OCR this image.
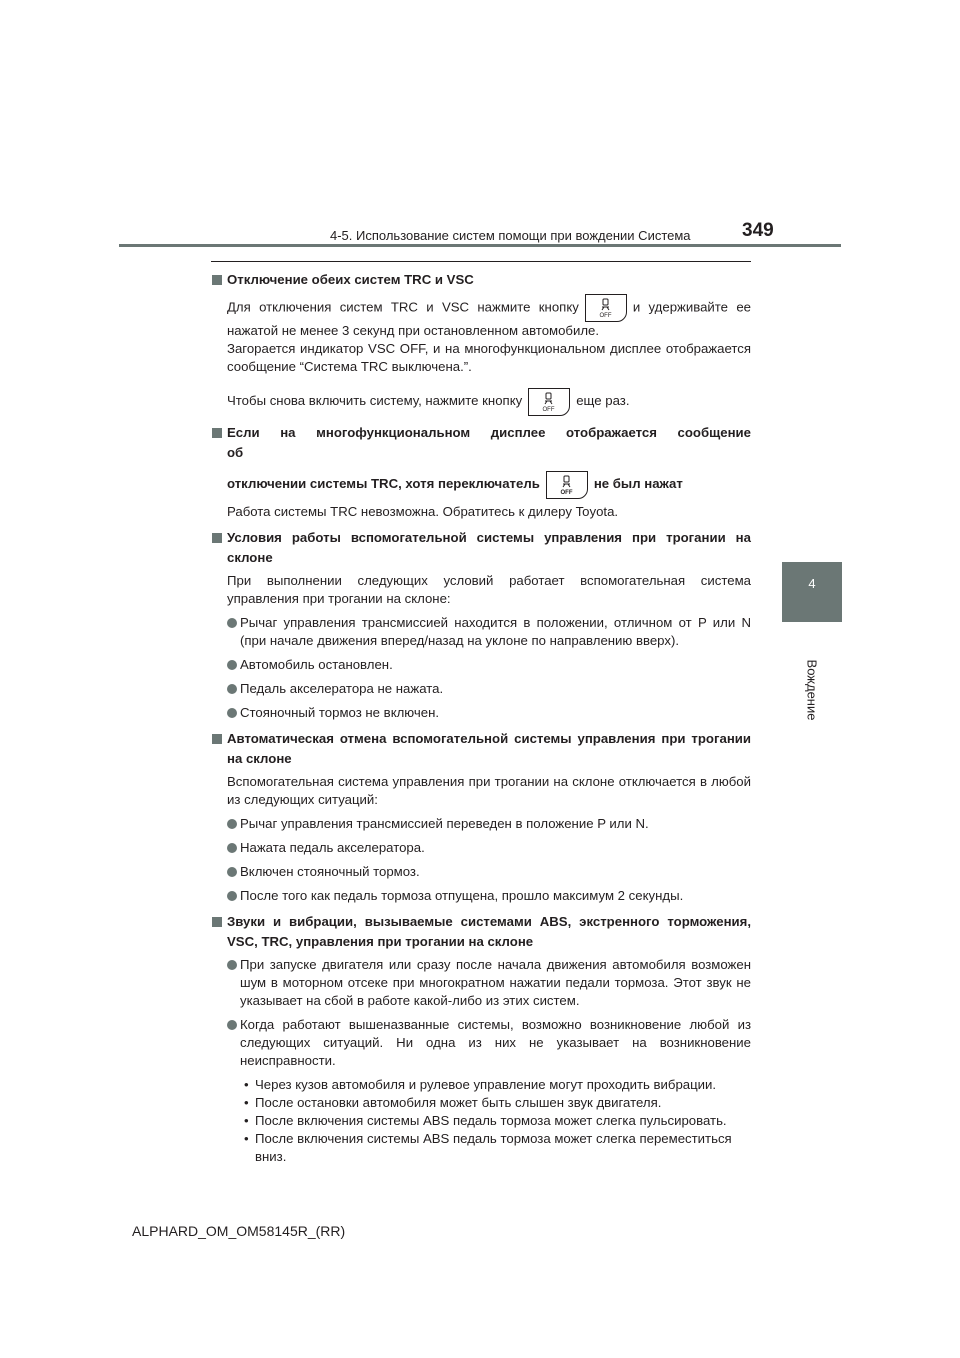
4-5. Использование систем помощи при вождении Система	349
4
Вождение
Отключение обеих систем TRC и VSC
Для отключения систем TRC и VSC нажмите кнопку
OFF
и удерживайте ее
нажатой не менее 3 секунд при остановленном автомобиле.
Загорается индикатор VSC OFF, и на многофункциональном дисплее отображается сообщение “Система TRC выключена.”.
Чтобы снова включить систему, нажмите кнопку
OFF
еще раз.
Если на многофункциональном дисплее отображается сообщение об
отключении системы TRC, хотя переключатель
OFF
не был нажат
Работа системы TRC невозможна. Обратитесь к дилеру Toyota.
Условия работы вспомогательной системы управления при трогании на склоне
При выполнении следующих условий работает вспомогательная система управления при трогании на склоне:
Рычаг управления трансмиссией находится в положении, отличном от P или N (при начале движения вперед/назад на уклоне по направлению вверх).
Автомобиль остановлен.
Педаль акселератора не нажата.
Стояночный тормоз не включен.
Автоматическая отмена вспомогательной системы управления при трогании на склоне
Вспомогательная система управления при трогании на склоне отключается в любой из следующих ситуаций:
Рычаг управления трансмиссией переведен в положение P или N.
Нажата педаль акселератора.
Включен стояночный тормоз.
После того как педаль тормоза отпущена, прошло максимум 2 секунды.
Звуки и вибрации, вызываемые системами ABS, экстренного торможения, VSC, TRC, управления при трогании на склоне
При запуске двигателя или сразу после начала движения автомобиля возможен шум в моторном отсеке при многократном нажатии педали тормоза. Этот звук не указывает на сбой в работе какой-либо из этих систем.
Когда работают вышеназванные системы, возможно возникновение любой из следующих ситуаций. Ни одна из них не указывает на возникновение неисправности.
• Через кузов автомобиля и рулевое управление могут проходить вибрации.
• После остановки автомобиля может быть слышен звук двигателя.
• После включения системы ABS педаль тормоза может слегка пульсировать.
• После включения системы ABS педаль тормоза может слегка переместиться вниз.
ALPHARD_OM_OM58145R_(RR)
